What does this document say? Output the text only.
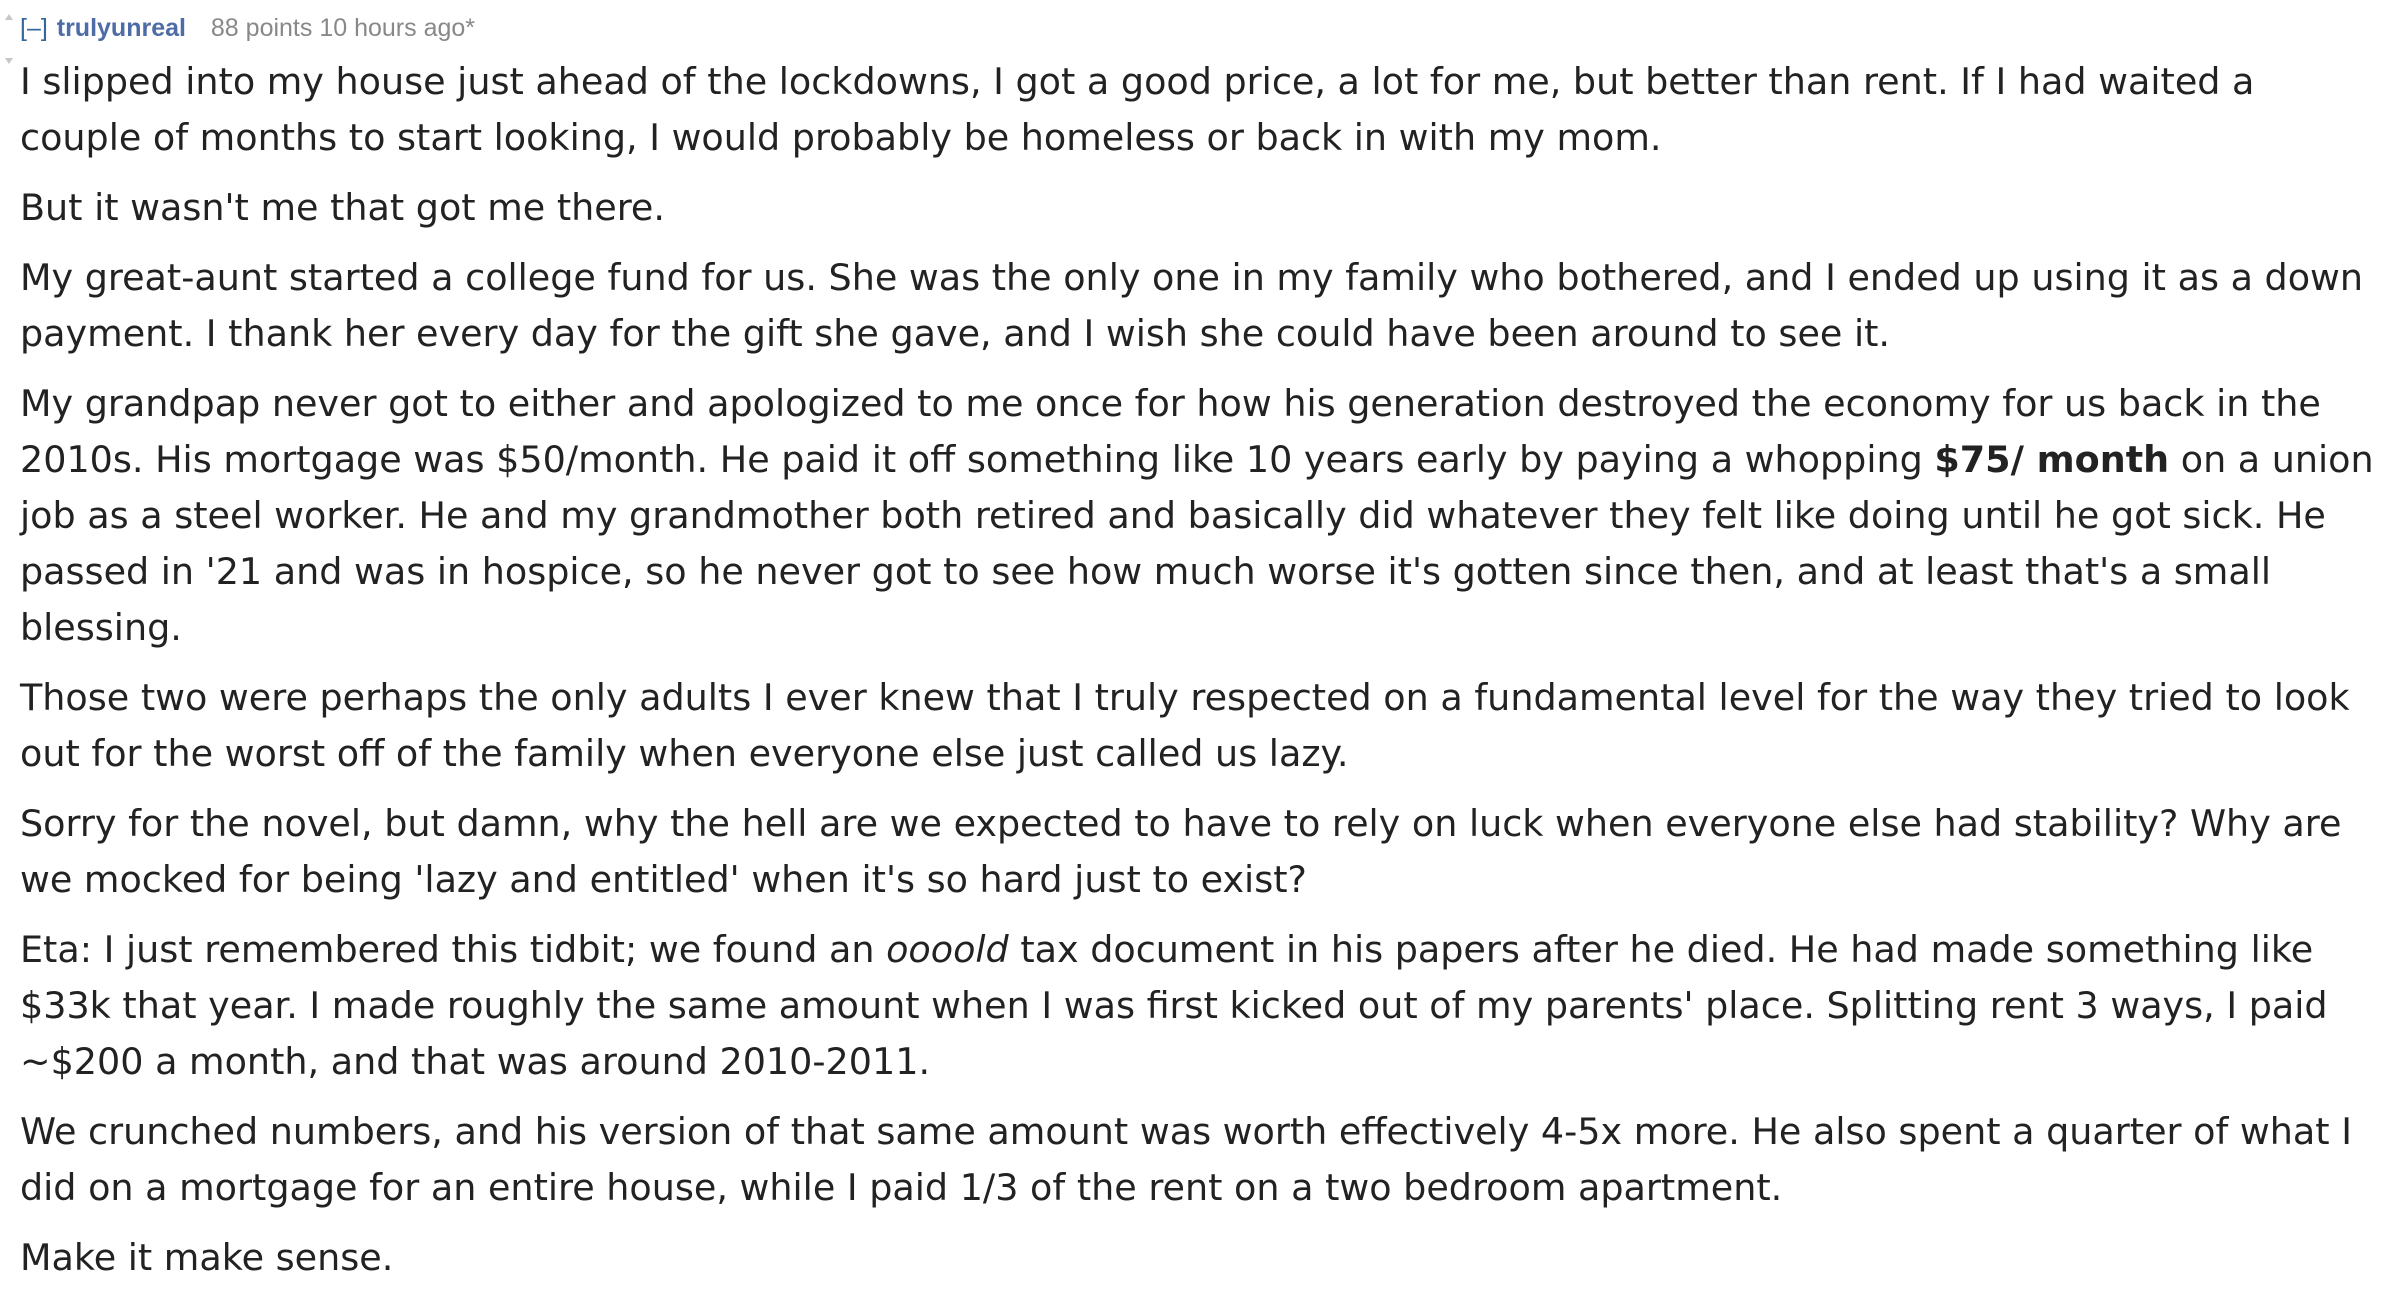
[–] trulyunreal 88 points 10 hours ago*

I slipped into my house just ahead of the lockdowns, I got a good price, a lot for me, but better than rent. If I had waited a couple of months to start looking, I would probably be homeless or back in with my mom.

But it wasn't me that got me there.

My great-aunt started a college fund for us. She was the only one in my family who bothered, and I ended up using it as a down payment. I thank her every day for the gift she gave, and I wish she could have been around to see it.

My grandpap never got to either and apologized to me once for how his generation destroyed the economy for us back in the 2010s. His mortgage was $50/month. He paid it off something like 10 years early by paying a whopping $75/ month on a union job as a steel worker. He and my grandmother both retired and basically did whatever they felt like doing until he got sick. He passed in '21 and was in hospice, so he never got to see how much worse it's gotten since then, and at least that's a small blessing.

Those two were perhaps the only adults I ever knew that I truly respected on a fundamental level for the way they tried to look out for the worst off of the family when everyone else just called us lazy.

Sorry for the novel, but damn, why the hell are we expected to have to rely on luck when everyone else had stability? Why are we mocked for being 'lazy and entitled' when it's so hard just to exist?

Eta: I just remembered this tidbit; we found an oooold tax document in his papers after he died. He had made something like $33k that year. I made roughly the same amount when I was first kicked out of my parents' place. Splitting rent 3 ways, I paid ~$200 a month, and that was around 2010-2011.

We crunched numbers, and his version of that same amount was worth effectively 4-5x more. He also spent a quarter of what I did on a mortgage for an entire house, while I paid 1/3 of the rent on a two bedroom apartment.

Make it make sense.
